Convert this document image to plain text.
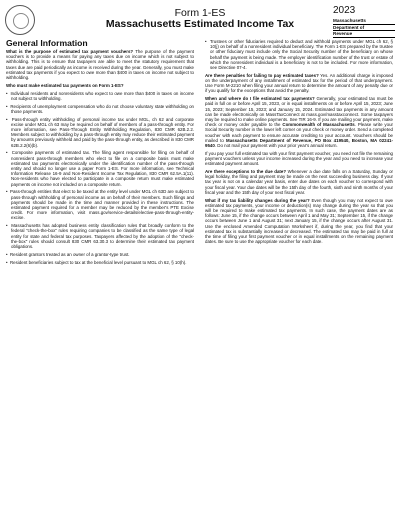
Form 1-ES
Massachusetts Estimated Income Tax
2023
Massachusetts
Department of
Revenue
General Information

What is the purpose of estimated tax payment vouchers? The purpose of the payment vouchers is to provide a means for paying any taxes due on income which is not subject to withholding. This is to ensure that taxpayers are able to meet the statutory requirement that taxes due are paid periodically as income is received during the year. Generally, you must make estimated tax payments if you expect to owe more than $400 in taxes on income not subject to withholding.

Who must make estimated tax payments on Form 1-ES?

•  Individual residents and nonresidents who expect to owe more than $400 in taxes on income not subject to withholding.

•  Recipients of unemployment compensation who do not choose voluntary state withholding on those payments.

•  Pass-through entity withholding of personal income tax under MGL, ch 62 and corporate excise under MGL ch 63 may be required on behalf of members of a pass-through entity. For more information, see Pass-Through Entity Withholding Regulation, 830 CMR 62B.2.2. Members subject to withholding by a pass-through entity may reduce their estimated payment by amounts previously withheld and paid by the pass-through entity, as described in 830 CMR 62B.2.2(6)(b).

•  Composite payments of estimated tax. The filing agent responsible for filing on behalf of nonresident pass-through members who elect to file on a composite basis must make estimated tax payments electronically under the identification number of the pass-through entity and should no longer use a paper Form 1-ES. For more information, see Technical Information Release 16-9 and Non-Resident Income Tax Regulation, 830 CMR 62.5A.1(11). Non-residents who have elected to participate in a composite return must make estimated payments on income not included on a composite return.

•  Pass-through entities that elect to be taxed at the entity level under MGL ch 63D are subject to pass-through withholding of personal income as on behalf of their members. Such filings and payments should be made in the time and manner provided in these instructions. The estimated payment required for a member may be reduced by the member's PTE Excise credit. For more information, visit mass.gov/service-details/elective-pass-through-entity-excise.

•  Massachusetts has adopted business entity classification rules that broadly conform to the federal "check-the-box" rules requiring companies to be classified as the same type of legal entity for state and federal tax purposes. Taxpayers affected by the adoption of the "check-the-box" rules should consult 830 CMR 63.30.3 to determine their estimated tax payment obligations.

•  Resident grantors treated as an owner of a grantor-type trust.

•  Resident beneficiaries subject to tax at the beneficial level pursuant to MGL ch 62, § 10(h).

•  Trustees or other fiduciaries required to deduct and withhold payments under MGL ch 62, § 10(j) on behalf of a nonresident individual beneficiary. The Form 1-ES prepared by the trustee or other fiduciary must include only the Social Security number of the beneficiary on whose behalf the payment is being made. The employer identification number of the trust or estate of which the nonresident individual is a beneficiary is not to be included. For more information, see Directive 07-4.

Are there penalties for failing to pay estimated taxes? Yes. An additional charge is imposed on the underpayment of any installment of estimated tax for the period of that underpayment. Use Form M-2210 when filing your annual return to determine the amount of any penalty due or if you qualify for the exceptions that avoid the penalty.

When and where do I file estimated tax payments? Generally, your estimated tax must be paid in full on or before April 15, 2023, or in equal installments on or before April 15, 2023; June 15, 2023; September 15, 2023; and January 15, 2024. Estimated tax payments in any amount can be made electronically on MassTaxConnect at mass.gov/masstaxconnect. Some taxpayers may be required to make online payments. See TIR 16-9. If you are mailing your payment, make check or money order payable to the Commonwealth of Massachusetts. Please write your Social Security number in the lower left corner on your check or money order. Send a completed voucher with each payment to ensure accurate crediting to your account. Vouchers should be mailed to Massachusetts Department of Revenue, PO Box 419540, Boston, MA 02241-9540. Do not mail your payment with your prior year's annual return.

If you pay your full estimated tax with your first payment voucher, you need not file the remaining payment vouchers unless your income increased during the year and you need to increase your estimated payment amount.

Are there exceptions to the due date? Whenever a due date falls on a Saturday, Sunday or legal holiday, the filing and payment may be made on the next succeeding business day. If your tax year is not on a calendar year basis, enter due dates on each voucher to correspond with your fiscal year. Your due dates will be the 15th day of the fourth, sixth and ninth months of your fiscal year and the 15th day of your next fiscal year.

What if my tax liability changes during the year? Even though you may not expect to owe estimated tax payments, your income or deduction(s) may change during the year so that you will be required to make estimated tax payments. In such case, the payment dates are as follows: June 15, if the change occurs between April 1 and May 31; September 15, if the change occurs between June 1 and August 31; next January 15, if the change occurs after August 31. Use the enclosed Amended Computation Worksheet if, during the year, you find that your estimated tax is substantially increased or decreased. The estimated tax may be paid in full at the time of filing your first payment voucher or in equal installments on the remaining payment dates. Be sure to use the appropriate voucher for each date.
